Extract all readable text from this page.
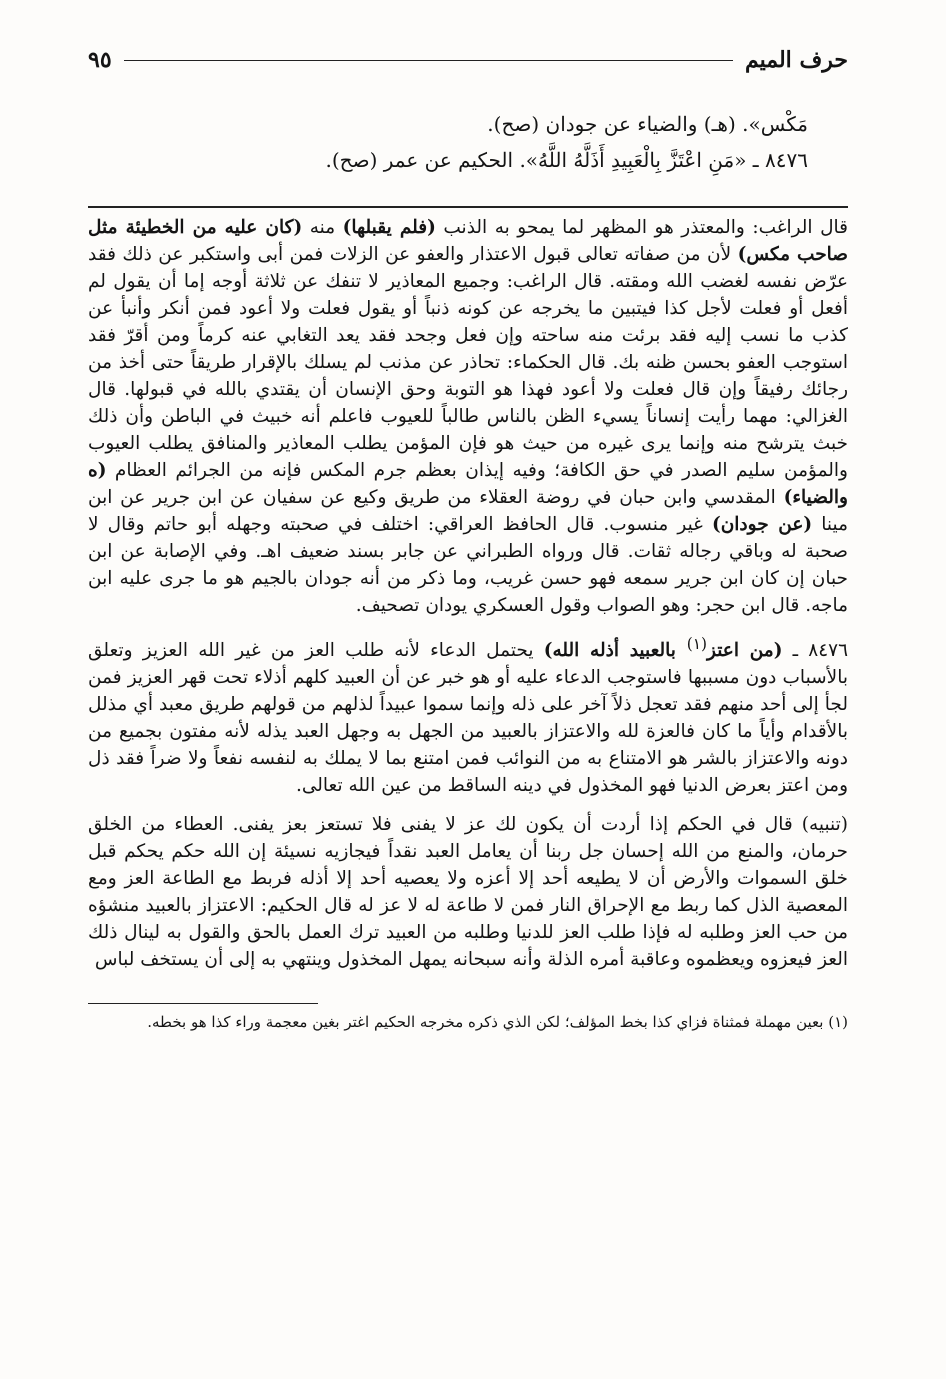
حرف الميم
٩٥

مَكْس». (هـ) والضياء عن جودان (صح).

٨٤٧٦ ـ «مَنِ اعْتَزَّ بِالْعَبِيدِ أَذَلَّهُ اللَّهُ». الحكيم عن عمر (صح).

قال الراغب: والمعتذر هو المظهر لما يمحو به الذنب (فلم يقبلها) منه (كان عليه من الخطيئة مثل صاحب مكس) لأن من صفاته تعالى قبول الاعتذار والعفو عن الزلات فمن أبى واستكبر عن ذلك فقد عرّض نفسه لغضب الله ومقته. قال الراغب: وجميع المعاذير لا تنفك عن ثلاثة أوجه إما أن يقول لم أفعل أو فعلت لأجل كذا فيتبين ما يخرجه عن كونه ذنباً أو يقول فعلت ولا أعود فمن أنكر وأنبأ عن كذب ما نسب إليه فقد برئت منه ساحته وإن فعل وجحد فقد يعد التغابي عنه كرماً ومن أقرّ فقد استوجب العفو بحسن ظنه بك. قال الحكماء: تحاذر عن مذنب لم يسلك بالإقرار طريقاً حتى أخذ من رجائك رفيقاً وإن قال فعلت ولا أعود فهذا هو التوبة وحق الإنسان أن يقتدي بالله في قبولها. قال الغزالي: مهما رأيت إنساناً يسيء الظن بالناس طالباً للعيوب فاعلم أنه خبيث في الباطن وأن ذلك خبث يترشح منه وإنما يرى غيره من حيث هو فإن المؤمن يطلب المعاذير والمنافق يطلب العيوب والمؤمن سليم الصدر في حق الكافة؛ وفيه إيذان بعظم جرم المكس فإنه من الجرائم العظام (ه والضياء) المقدسي وابن حبان في روضة العقلاء من طريق وكيع عن سفيان عن ابن جرير عن ابن مينا (عن جودان) غير منسوب. قال الحافظ العراقي: اختلف في صحبته وجهله أبو حاتم وقال لا صحبة له وباقي رجاله ثقات. قال ورواه الطبراني عن جابر بسند ضعيف اهـ. وفي الإصابة عن ابن حبان إن كان ابن جرير سمعه فهو حسن غريب، وما ذكر من أنه جودان بالجيم هو ما جرى عليه ابن ماجه. قال ابن حجر: وهو الصواب وقول العسكري يودان تصحيف.

٨٤٧٦ ـ (من اعتز$^{(١)}$ بالعبيد أذله الله) يحتمل الدعاء لأنه طلب العز من غير الله العزيز وتعلق بالأسباب دون مسببها فاستوجب الدعاء عليه أو هو خبر عن أن العبيد كلهم أذلاء تحت قهر العزيز فمن لجأ إلى أحد منهم فقد تعجل ذلاً آخر على ذله وإنما سموا عبيداً لذلهم من قولهم طريق معبد أي مذلل بالأقدام وأياً ما كان فالعزة لله والاعتزاز بالعبيد من الجهل به وجهل العبد يذله لأنه مفتون بجميع من دونه والاعتزاز بالشر هو الامتناع به من النوائب فمن امتنع بما لا يملك به لنفسه نفعاً ولا ضراً فقد ذل ومن اعتز بعرض الدنيا فهو المخذول في دينه الساقط من عين الله تعالى.

(تنبيه) قال في الحكم إذا أردت أن يكون لك عز لا يفنى فلا تستعز بعز يفنى. العطاء من الخلق حرمان، والمنع من الله إحسان جل ربنا أن يعامل العبد نقداً فيجازيه نسيئة إن الله حكم يحكم قبل خلق السموات والأرض أن لا يطيعه أحد إلا أعزه ولا يعصيه أحد إلا أذله فربط مع الطاعة العز ومع المعصية الذل كما ربط مع الإحراق النار فمن لا طاعة له لا عز له قال الحكيم: الاعتزاز بالعبيد منشؤه من حب العز وطلبه له فإذا طلب العز للدنيا وطلبه من العبيد ترك العمل بالحق والقول به لينال ذلك العز فيعزوه ويعظموه وعاقبة أمره الذلة وأنه سبحانه يمهل المخذول وينتهي به إلى أن يستخف لباس

(١) بعين مهملة فمثناة فزاي كذا بخط المؤلف؛ لكن الذي ذكره مخرجه الحكيم اغتر بغين معجمة وراء كذا هو بخطه.
